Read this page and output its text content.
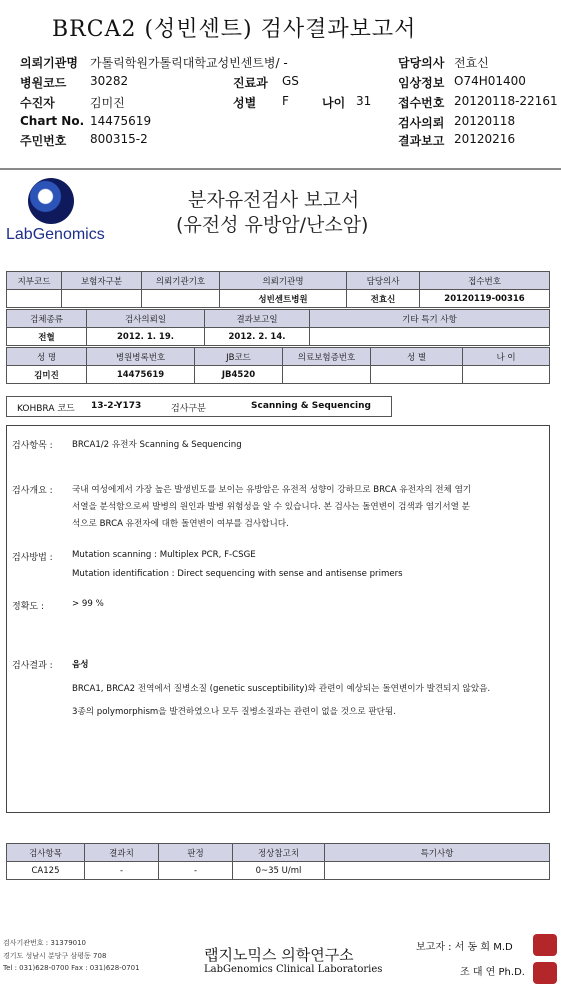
BRCA2 (성빈센트) 검사결과보고서
의뢰기관명 가톨릭학원가톨릭대학교성빈센트병/ -	담당의사 전효신
병원코드 30282	진료과 GS	임상정보 O74H01400
수진자	김미진	성별 F	나이 31 접수번호 20120118-22161
Chart No. 14475619	검사의뢰 20120118
주민번호 800315-2	결과보고 20120216
LabGenomics
분자유전검사 보고서
(유전성 유방암/난소암)
지부코드	보험자구분	의뢰기관기호	의뢰기관명	담당의사	접수번호
			성빈센트병원	전효신	20120119-00316
검체종류	검사의뢰일	결과보고일	기타 특기 사항
전혈	2012. 1. 19.	2012. 2. 14.	
성 명	병원병록번호	JB코드	의료보험증번호	성 별	나 이
김미진	14475619	JB4520			
KOHBRA 코드 13-2-Y173	검사구분	Scanning & Sequencing
검사항목 : BRCA1/2 유전자 Scanning & Sequencing
검사개요 : 국내 여성에게서 가장 높은 발생빈도를 보이는 유방암은 유전적 성향이 강하므로 BRCA 유전자의 전체 염기
서열을 분석함으로써 발병의 원인과 발병 위험성을 알 수 있습니다. 본 검사는 돌연변이 검색과 염기서열 분
석으로 BRCA 유전자에 대한 돌연변이 여부를 검사합니다.
검사방법 : Mutation scanning : Multiplex PCR, F-CSGE
Mutation identification : Direct sequencing with sense and antisense primers
정확도 :	> 99 %
검사결과 : 음성
BRCA1, BRCA2 전역에서 질병소질 (genetic susceptibility)와 관련이 예상되는 돌연변이가 발견되지 않았음.
3종의 polymorphism을 발견하였으나 모두 질병소질과는 관련이 없을 것으로 판단됨.
검사항목	결과치	판정	정상참고치	특기사항
CA125	-	-	0~35 U/ml	
검사기관번호 : 31379010
경기도 성남시 분당구 삼평동 708
Tel : 031)628-0700 Fax : 031)628-0701
랩지노믹스 의학연구소
LabGenomics Clinical Laboratories
보고자 : 서 동 희 M.D
조 대 연 Ph.D.
